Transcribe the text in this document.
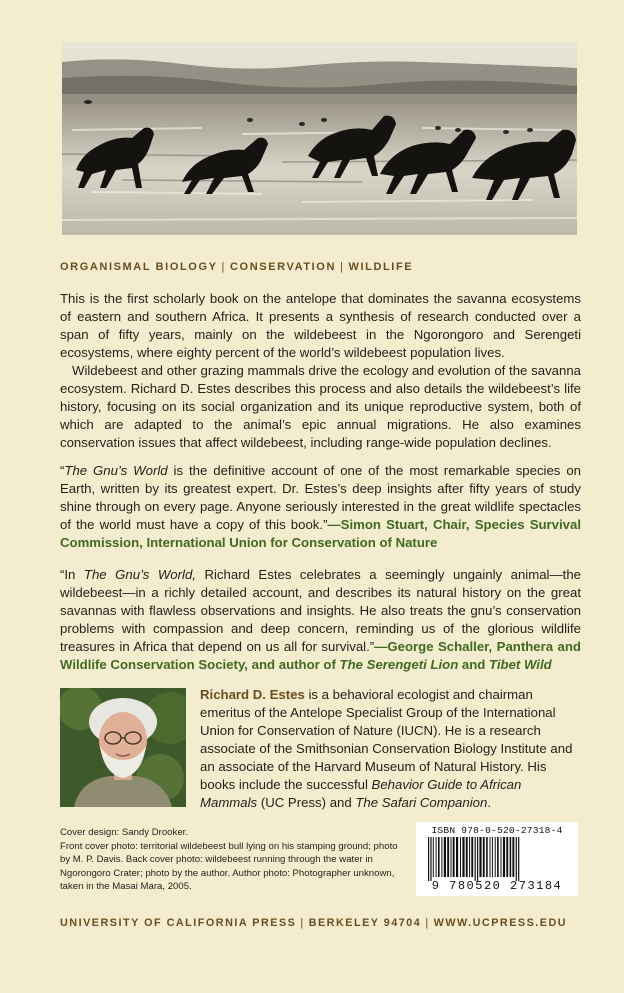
ORGANISMAL BIOLOGY | CONSERVATION | WILDLIFE

This is the first scholarly book on the antelope that dominates the savanna ecosystems of eastern and southern Africa. It presents a synthesis of research conducted over a span of fifty years, mainly on the wildebeest in the Ngorongoro and Serengeti ecosystems, where eighty percent of the world’s wildebeest population lives.

Wildebeest and other grazing mammals drive the ecology and evolution of the savanna ecosystem. Richard D. Estes describes this process and also details the wildebeest’s life history, focusing on its social organization and its unique reproductive system, both of which are adapted to the animal’s epic annual migrations. He also examines conservation issues that affect wildebeest, including range-wide population declines.

“The Gnu’s World is the definitive account of one of the most remarkable species on Earth, written by its greatest expert. Dr. Estes’s deep insights after fifty years of study shine through on every page. Anyone seriously interested in the great wildlife spectacles of the world must have a copy of this book.”—Simon Stuart, Chair, Species Survival Commission, International Union for Conservation of Nature
“In The Gnu’s World, Richard Estes celebrates a seemingly ungainly animal—the wildebeest—in a richly detailed account, and describes its natural history on the great savannas with flawless observations and insights. He also treats the gnu’s conservation problems with compassion and deep concern, reminding us of the glorious wildlife treasures in Africa that depend on us all for survival.”—George Schaller, Panthera and Wildlife Conservation Society, and author of The Serengeti Lion and Tibet Wild
Richard D. Estes is a behavioral ecologist and chairman emeritus of the Antelope Specialist Group of the International Union for Conservation of Nature (IUCN). He is a research associate of the Smithsonian Conservation Biology Institute and an associate of the Harvard Museum of Natural History. His books include the successful Behavior Guide to African Mammals (UC Press) and The Safari Companion.
Cover design: Sandy Drooker.
Front cover photo: territorial wildebeest bull lying on his stamping ground; photo by M. P. Davis. Back cover photo: wildebeest running through the water in Ngorongoro Crater; photo by the author. Author photo: Photographer unknown, taken in the Masai Mara, 2005.
ISBN 978-0-520-27318-4
9 780520 273184
UNIVERSITY OF CALIFORNIA PRESS | BERKELEY 94704 | WWW.UCPRESS.EDU
